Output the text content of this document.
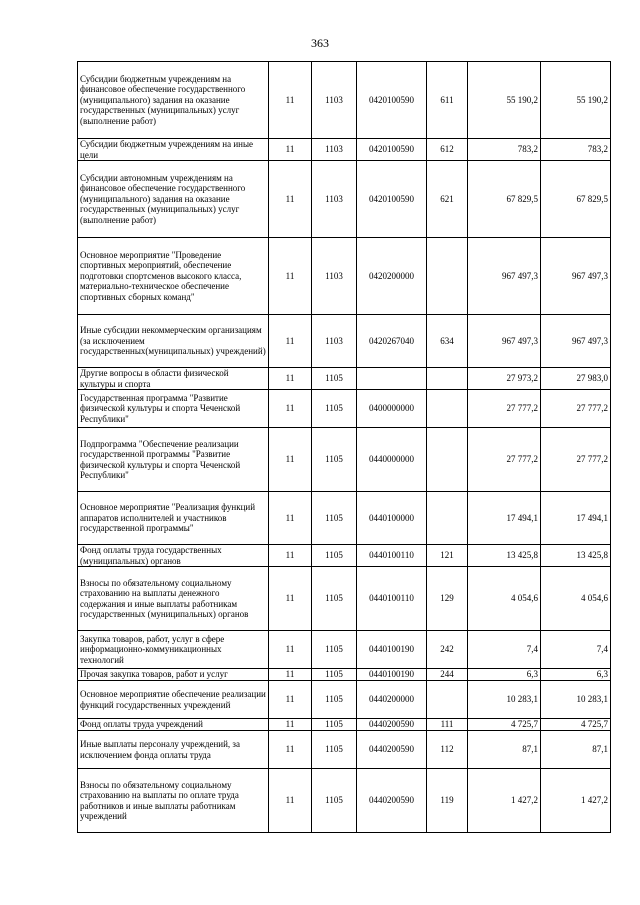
363
Субсидии бюджетным учреждениям на финансовое обеспечение государственного (муниципального) задания на оказание государственных (муниципальных) услуг (выполнение работ)	11	1103	0420100590	611	55 190,2	55 190,2
Субсидии бюджетным учреждениям на иные цели	11	1103	0420100590	612	783,2	783,2
Субсидии автономным учреждениям на финансовое обеспечение государственного (муниципального) задания на оказание государственных (муниципальных) услуг (выполнение работ)	11	1103	0420100590	621	67 829,5	67 829,5
Основное мероприятие "Проведение спортивных мероприятий, обеспечение подготовки спортсменов высокого класса, материально-техническое обеспечение спортивных сборных команд"	11	1103	0420200000		967 497,3	967 497,3
Иные субсидии некоммерческим организациям (за исключением государственных(муниципальных) учреждений)	11	1103	0420267040	634	967 497,3	967 497,3
Другие вопросы в области физической культуры и спорта	11	1105			27 973,2	27 983,0
Государственная программа "Развитие физической культуры и спорта Чеченской Республики"	11	1105	0400000000		27 777,2	27 777,2
Подпрограмма "Обеспечение реализации государственной программы "Развитие физической культуры и спорта Чеченской Республики"	11	1105	0440000000		27 777,2	27 777,2
Основное мероприятие "Реализация функций аппаратов исполнителей и участников государственной программы"	11	1105	0440100000		17 494,1	17 494,1
Фонд оплаты труда государственных (муниципальных) органов	11	1105	0440100110	121	13 425,8	13 425,8
Взносы по обязательному социальному страхованию на выплаты денежного содержания и иные выплаты работникам государственных (муниципальных) органов	11	1105	0440100110	129	4 054,6	4 054,6
Закупка товаров, работ, услуг в сфере информационно-коммуникационных технологий	11	1105	0440100190	242	7,4	7,4
Прочая закупка товаров, работ и услуг	11	1105	0440100190	244	6,3	6,3
Основное мероприятие обеспечение реализации функций государственных учреждений	11	1105	0440200000		10 283,1	10 283,1
Фонд оплаты труда учреждений	11	1105	0440200590	111	4 725,7	4 725,7
Иные выплаты персоналу учреждений, за исключением фонда оплаты труда	11	1105	0440200590	112	87,1	87,1
Взносы по обязательному социальному страхованию на выплаты по оплате труда работников и иные выплаты работникам учреждений	11	1105	0440200590	119	1 427,2	1 427,2
